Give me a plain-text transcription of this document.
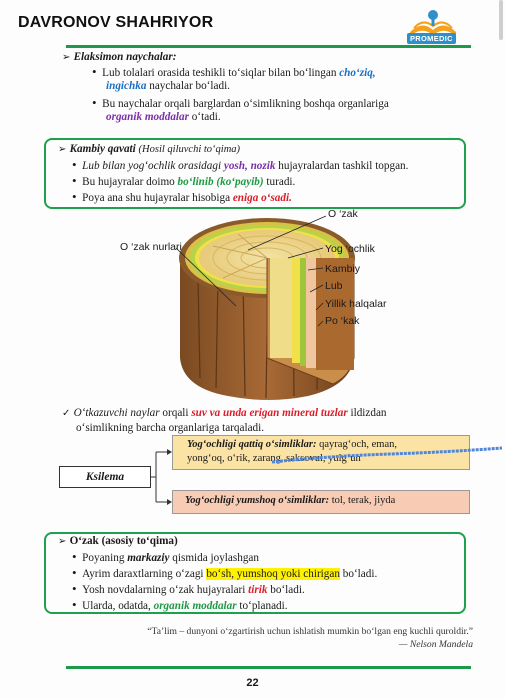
DAVRONOV SHAHRIYOR
PROMEDIC
➢ Elaksimon naychalar:
• Lub tolalari orasida teshikli to‘siqlar bilan bo‘lingan cho‘ziq,
ingichka naychalar bo‘ladi.
• Bu naychalar orqali barglardan o‘simlikning boshqa organlariga
organik moddalar o‘tadi.
➢ Kambiy qavati (Hosil qiluvchi to‘qima)
• Lub bilan yog‘ochlik orasidagi yosh, nozik hujayralardan tashkil topgan.
• Bu hujayralar doimo bo‘linib (ko‘payib) turadi.
• Poya ana shu hujayralar hisobiga eniga o‘sadi.
O ‘zak nurlari
O ‘zak
Yog ‘ochlik
Kambiy
Lub
Yillik halqalar
Po ‘kak
✓ O‘tkazuvchi naylar orqali suv va unda erigan mineral tuzlar ildizdan
o‘simlikning barcha organlariga tarqaladi.
Ksilema
Yog‘ochligi qattiq o‘simliklar: qayrag‘och, eman,
yong‘oq, o‘rik, zarang, saksovul, yulg‘un
Yog‘ochligi yumshoq o‘simliklar: tol, terak, jiyda
➢ O‘zak (asosiy to‘qima)
• Poyaning markaziy qismida joylashgan
• Ayrim daraxtlarning o‘zagi bo‘sh, yumshoq yoki chirigan bo‘ladi.
• Yosh novdalarning o‘zak hujayralari tirik bo‘ladi.
• Ularda, odatda, organik moddalar to‘planadi.
“Ta’lim – dunyoni o‘zgartirish uchun ishlatish mumkin bo‘lgan eng kuchli quroldir.”
— Nelson Mandela
22
